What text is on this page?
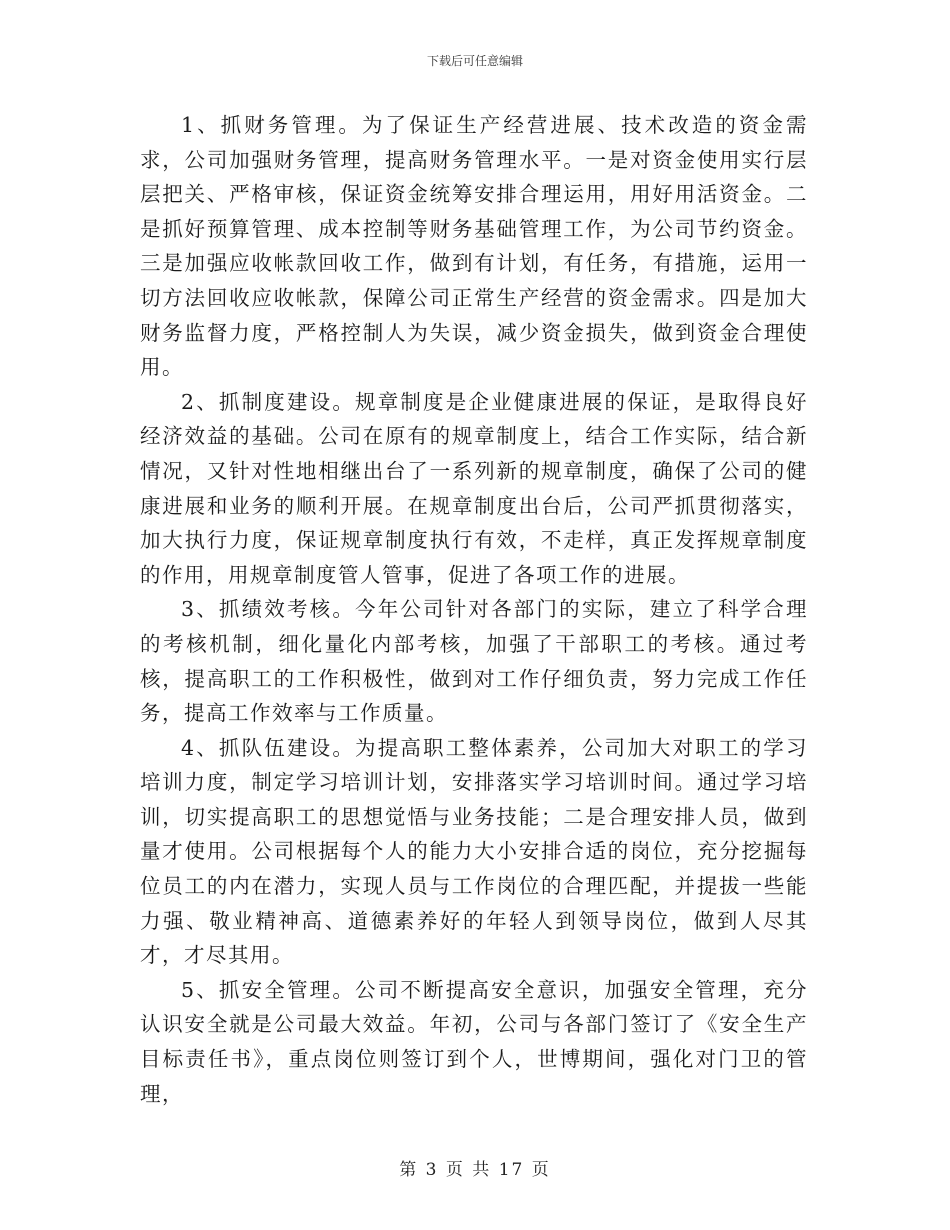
下载后可任意编辑

1、抓财务管理。为了保证生产经营进展、技术改造的资金需求，公司加强财务管理，提高财务管理水平。一是对资金使用实行层层把关、严格审核，保证资金统筹安排合理运用，用好用活资金。二是抓好预算管理、成本控制等财务基础管理工作，为公司节约资金。三是加强应收帐款回收工作，做到有计划，有任务，有措施，运用一切方法回收应收帐款，保障公司正常生产经营的资金需求。四是加大财务监督力度，严格控制人为失误，减少资金损失，做到资金合理使用。

2、抓制度建设。规章制度是企业健康进展的保证，是取得良好经济效益的基础。公司在原有的规章制度上，结合工作实际，结合新情况，又针对性地相继出台了一系列新的规章制度，确保了公司的健康进展和业务的顺利开展。在规章制度出台后，公司严抓贯彻落实，加大执行力度，保证规章制度执行有效，不走样，真正发挥规章制度的作用，用规章制度管人管事，促进了各项工作的进展。

3、抓绩效考核。今年公司针对各部门的实际，建立了科学合理的考核机制，细化量化内部考核，加强了干部职工的考核。通过考核，提高职工的工作积极性，做到对工作仔细负责，努力完成工作任务，提高工作效率与工作质量。

4、抓队伍建设。为提高职工整体素养，公司加大对职工的学习培训力度，制定学习培训计划，安排落实学习培训时间。通过学习培训，切实提高职工的思想觉悟与业务技能；二是合理安排人员，做到量才使用。公司根据每个人的能力大小安排合适的岗位，充分挖掘每位员工的内在潜力，实现人员与工作岗位的合理匹配，并提拔一些能力强、敬业精神高、道德素养好的年轻人到领导岗位，做到人尽其才，才尽其用。

5、抓安全管理。公司不断提高安全意识，加强安全管理，充分认识安全就是公司最大效益。年初，公司与各部门签订了《安全生产目标责任书》，重点岗位则签订到个人，世博期间，强化对门卫的管理，

第 3 页 共 17 页
